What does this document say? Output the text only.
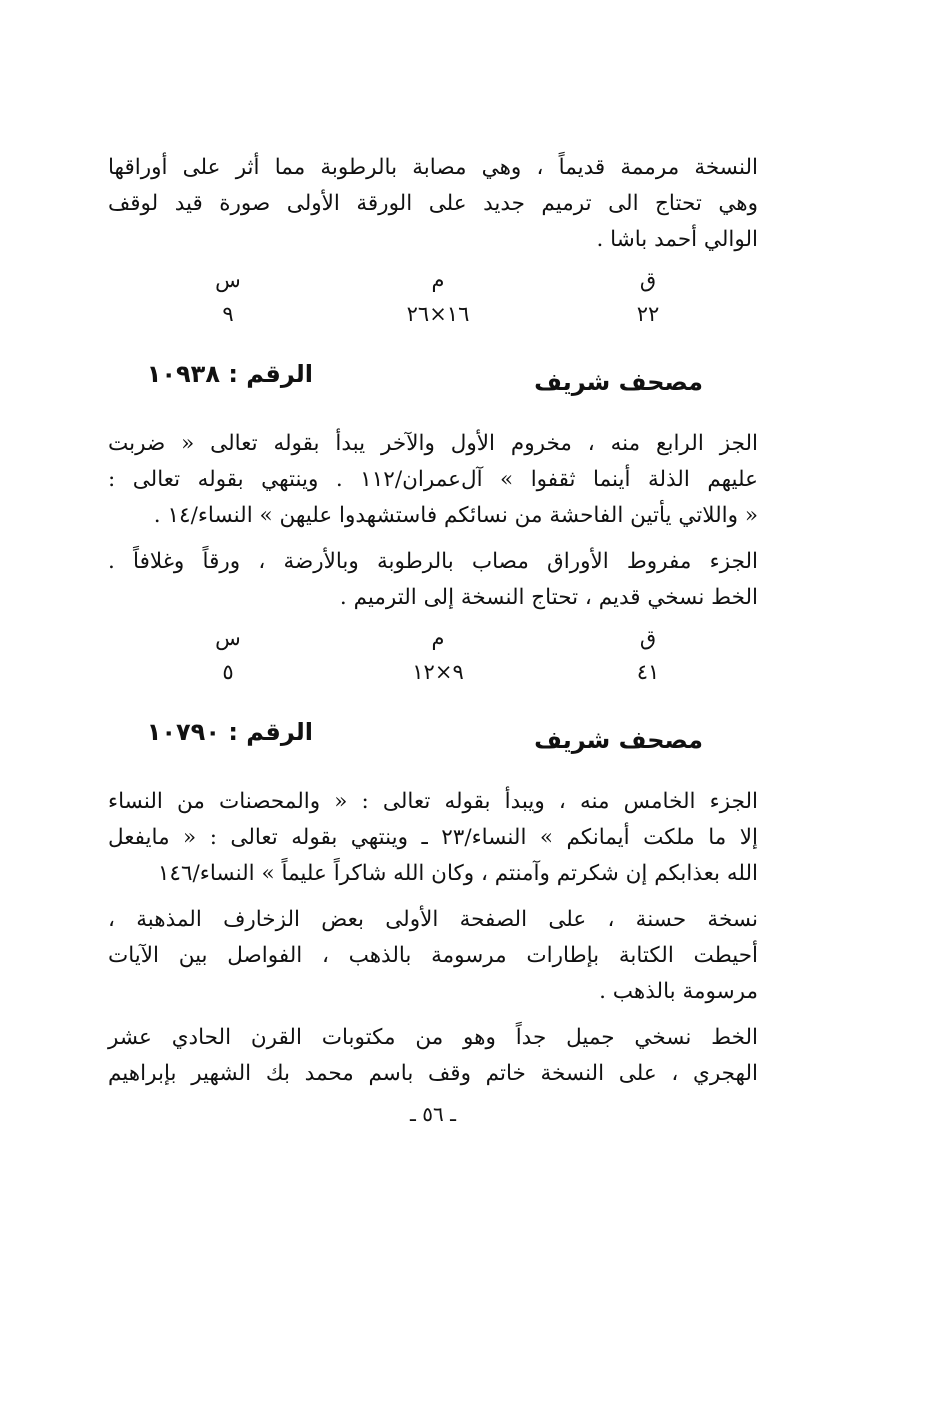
النسخة مرممة قديماً ، وهي مصابة بالرطوبة مما أثر على أوراقها
وهي تحتاج الى ترميم جديد على الورقة الأولى صورة قيد لوقف
الوالي أحمد باشا .

ق
م
س
٢٢
١٦×٢٦
٩
مصحف شريف
الرقم : ١٠٩٣٨

الجز الرابع منه ، مخروم الأول والآخر يبدأ بقوله تعالى « ضربت
عليهم الذلة أينما ثقفوا » آل‌عمران/١١٢ . وينتهي بقوله تعالى :
« واللاتي يأتين الفاحشة من نسائكم فاستشهدوا عليهن » النساء/١٤ .

الجزء مفروط الأوراق مصاب بالرطوبة وبالأرضة ، ورقاً وغلافاً .
الخط نسخي قديم ، تحتاج النسخة إلى الترميم .

ق
م
س
٤١
٩×١٢
٥
مصحف شريف
الرقم : ١٠٧٩٠

الجزء الخامس منه ، ويبدأ بقوله تعالى : « والمحصنات من النساء
إلا ما ملكت أيمانكم » النساء/٢٣ ـ وينتهي بقوله تعالى : « مايفعل
الله بعذابكم إن شكرتم وآمنتم ، وكان الله شاكراً عليماً » النساء/١٤٦

نسخة حسنة ، على الصفحة الأولى بعض الزخارف المذهبة ،
أحيطت الكتابة بإطارات مرسومة بالذهب ، الفواصل بين الآيات
مرسومة بالذهب .

الخط نسخي جميل جداً وهو من مكتوبات القرن الحادي عشر
الهجري ، على النسخة خاتم وقف باسم محمد بك الشهير بإبراهيم

ـ ٥٦ ـ
